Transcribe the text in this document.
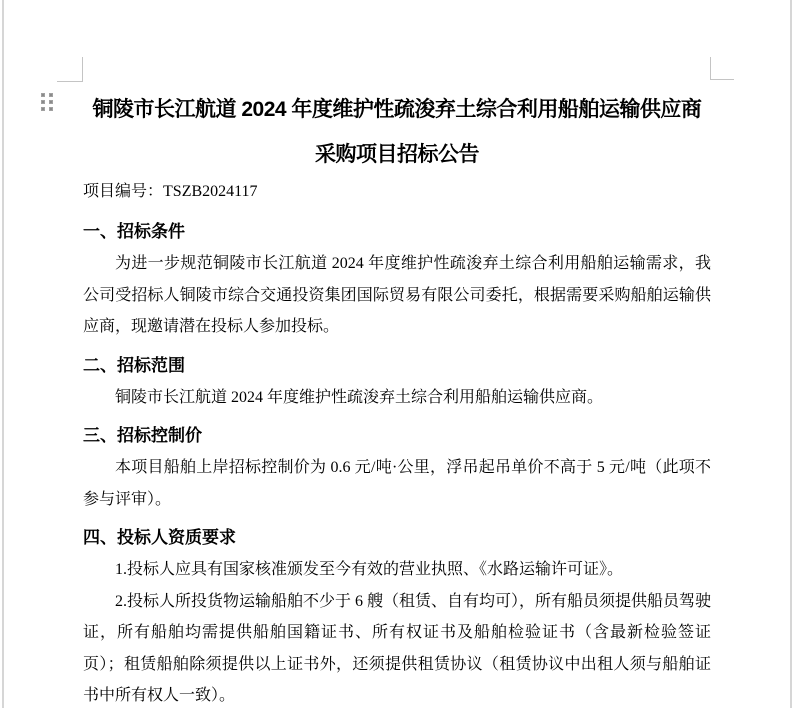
铜陵市长江航道 2024 年度维护性疏浚弃土综合利用船舶运输供应商采购项目招标公告
项目编号：TSZB2024117
一、招标条件

为进一步规范铜陵市长江航道 2024 年度维护性疏浚弃土综合利用船舶运输需求，我公司受招标人铜陵市综合交通投资集团国际贸易有限公司委托，根据需要采购船舶运输供应商，现邀请潜在投标人参加投标。

二、招标范围

铜陵市长江航道 2024 年度维护性疏浚弃土综合利用船舶运输供应商。

三、招标控制价

本项目船舶上岸招标控制价为 0.6 元/吨·公里，浮吊起吊单价不高于 5 元/吨（此项不参与评审）。

四、投标人资质要求

1.投标人应具有国家核准颁发至今有效的营业执照、《水路运输许可证》。

2.投标人所投货物运输船舶不少于 6 艘（租赁、自有均可），所有船员须提供船员驾驶证，所有船舶均需提供船舶国籍证书、所有权证书及船舶检验证书（含最新检验签证页）；租赁船舶除须提供以上证书外，还须提供租赁协议（租赁协议中出租人须与船舶证书中所有权人一致）。
